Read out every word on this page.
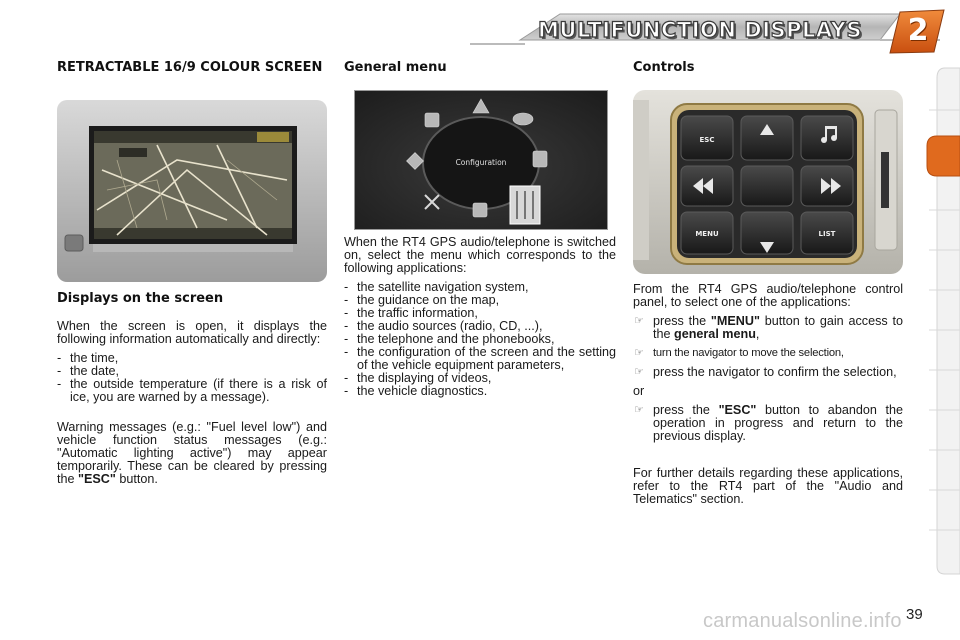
MULTIFUNCTION DISPLAYS	2
RETRACTABLE 16/9 COLOUR SCREEN
Displays on the screen

When the screen is open, it displays the following information automatically and directly:

- the time,
- the date,
- the outside temperature (if there is a risk of ice, you are warned by a message).

Warning messages (e.g.: "Fuel level low") and vehicle function status messages (e.g.: "Automatic lighting active") may appear temporarily. These can be cleared by pressing the "ESC" button.

General menu
Configuration

When the RT4 GPS audio/telephone is switched on, select the menu which corresponds to the following applications:

- the satellite navigation system,
- the guidance on the map,
- the traffic information,
- the audio sources (radio, CD, ...),
- the telephone and the phonebooks,
- the configuration of the screen and the setting of the vehicle equipment parameters,
- the displaying of videos,
- the vehicle diagnostics.
Controls
ESC
MENU	LIST

From the RT4 GPS audio/telephone control panel, to select one of the applications:

☞ press the "MENU" button to gain access to the general menu,
☞ turn the navigator to move the selection,
☞ press the navigator to confirm the selection,

or

☞ press the "ESC" button to abandon the operation in progress and return to the previous display.

For further details regarding these applications, refer to the RT4 part of the "Audio and Telematics" section.

carmanualsonline.info 39
